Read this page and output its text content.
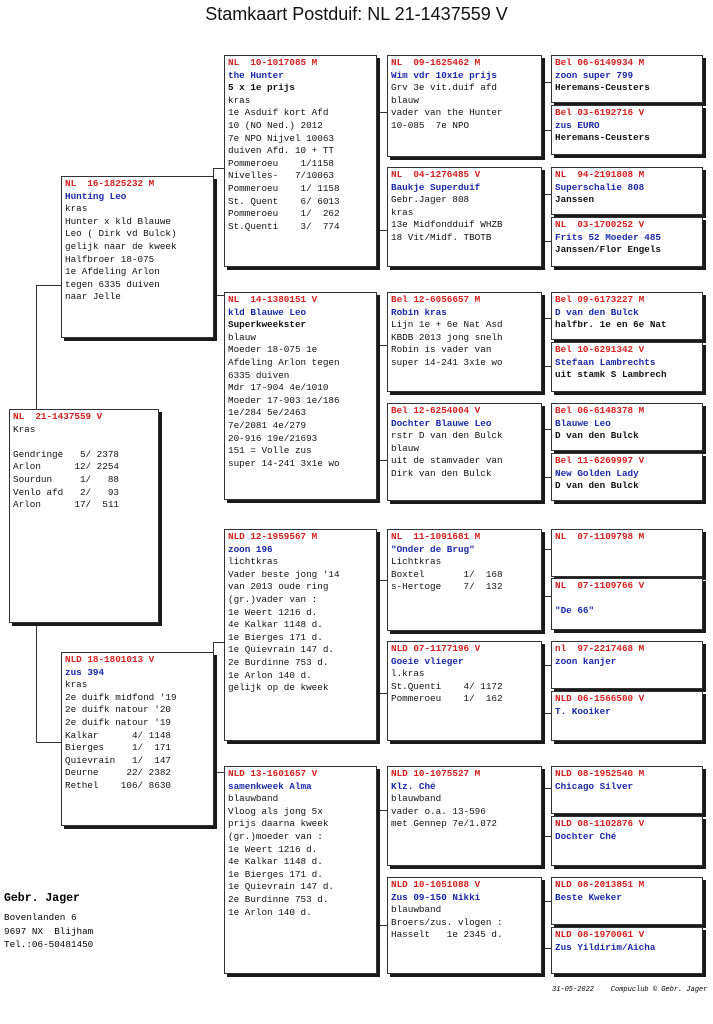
Stamkaart Postduif: NL 21-1437559 V
NL  21-1437559 V
Kras
Gendringe   5/ 2378
Arlon      12/ 2254
Sourdun     1/   88
Venlo afd   2/   93
Arlon      17/  511
NL  16-1825232 M
Hunting Leo
kras
Hunter x kld Blauwe
Leo ( Dirk vd Bulck)
gelijk naar de kweek
Halfbroer 18-075
1e Afdeling Arlon
tegen 6335 duiven
naar Jelle
NLD 18-1801013 V
zus 394
kras
2e duifk midfond '19
2e duifk natour '20
2e duifk natour '19
Kalkar      4/ 1148
Bierges     1/  171
Quievrain   1/  147
Deurne     22/ 2382
Rethel    106/ 8630
NL  10-1017085 M
the Hunter
5 x 1e prijs
kras
1e Asduif kort Afd
10 (NO Ned.) 2012
7e NPO Nijvel 10063
duiven Afd. 10 + TT
Pommeroeu    1/1158
Nivelles-   7/10063
Pommeroeu    1/ 1158
St. Quent    6/ 6013
Pommeroeu    1/  262
St.Quenti    3/  774
NL  14-1380151 V
kld Blauwe Leo
Superkweekster
blauw
Moeder 18-075 1e
Afdeling Arlon tegen
6335 duiven
Mdr 17-904 4e/1010
Moeder 17-903 1e/186
1e/284 5e/2463
7e/2081 4e/279
20-916 19e/21693
151 = Volle zus
super 14-241 3x1e wo
NLD 12-1959567 M
zoon 196
lichtkras
Vader beste jong '14
van 2013 oude ring
(gr.)vader van :
1e Weert 1216 d.
4e Kalkar 1148 d.
1e Bierges 171 d.
1e Quievrain 147 d.
2e Burdinne 753 d.
1e Arlon 140 d.
gelijk op de kweek
NLD 13-1601657 V
samenkweek Alma
blauwband
Vloog als jong 5x
prijs daarna kweek
(gr.)moeder van :
1e Weert 1216 d.
4e Kalkar 1148 d.
1e Bierges 171 d.
1e Quievrain 147 d.
2e Burdinne 753 d.
1e Arlon 140 d.
NL  09-1625462 M
Wim vdr 10x1e prijs
Grv 3e vit.duif afd
blauw
vader van the Hunter
10-085  7e NPO
NL  04-1276485 V
Baukje Superduif
Gebr.Jager 808
kras
13e Midfondduif WHZB
18 Vit/Midf. TBOTB
Bel 12-6056657 M
Robin kras
Lijn 1e + 6e Nat Asd
KBDB 2013 jong snelh
Robin is vader van
super 14-241 3x1e wo
Bel 12-6254004 V
Dochter Blauwe Leo
rstr D van den Bulck
blauw
uit de stamvader van
Dirk van den Bulck
NL  11-1091681 M
"Onder de Brug"
Lichtkras
Boxtel       1/  168
s-Hertoge    7/  132
NLD 07-1177196 V
Goeie vlieger
l.kras
St.Quenti    4/ 1172
Pommeroeu    1/  162
NLD 10-1075527 M
Klz. Ché
blauwband
vader o.a. 13-596
met Gennep 7e/1.072
NLD 10-1051088 V
Zus 09-150 Nikki
blauwband
Broers/zus. vlogen :
Hasselt   1e 2345 d.
Bel 06-6149934 M
zoon super 799
Heremans-Ceusters
Bel 03-6192716 V
zus EURO
Heremans-Ceusters
NL  94-2191808 M
Superschalie 808
Janssen
NL  03-1700252 V
Frits 52 Moeder 485
Janssen/Flor Engels
Bel 09-6173227 M
D van den Bulck
halfbr. 1e en 6e Nat
Bel 10-6291342 V
Stefaan Lambrechts
uit stamk S Lambrech
Bel 06-6148378 M
Blauwe Leo
D van den Bulck
Bel 11-6269997 V
New Golden Lady
D van den Bulck
NL  07-1109798 M
NL  07-1109766 V
"De 66"
nl  97-2217468 M
zoon kanjer
NLD 06-1566500 V
T. Kooiker
NLD 08-1952540 M
Chicago Silver
NLD 08-1102876 V
Dochter Ché
NLD 08-2013851 M
Beste Kweker
NLD 08-1970061 V
Zus Yildirim/Aicha
Gebr. Jager
Bovenlanden 6
9697 NX  Blijham
Tel.:06-50481450
31-05-2022    Compuclub © Gebr. Jager
